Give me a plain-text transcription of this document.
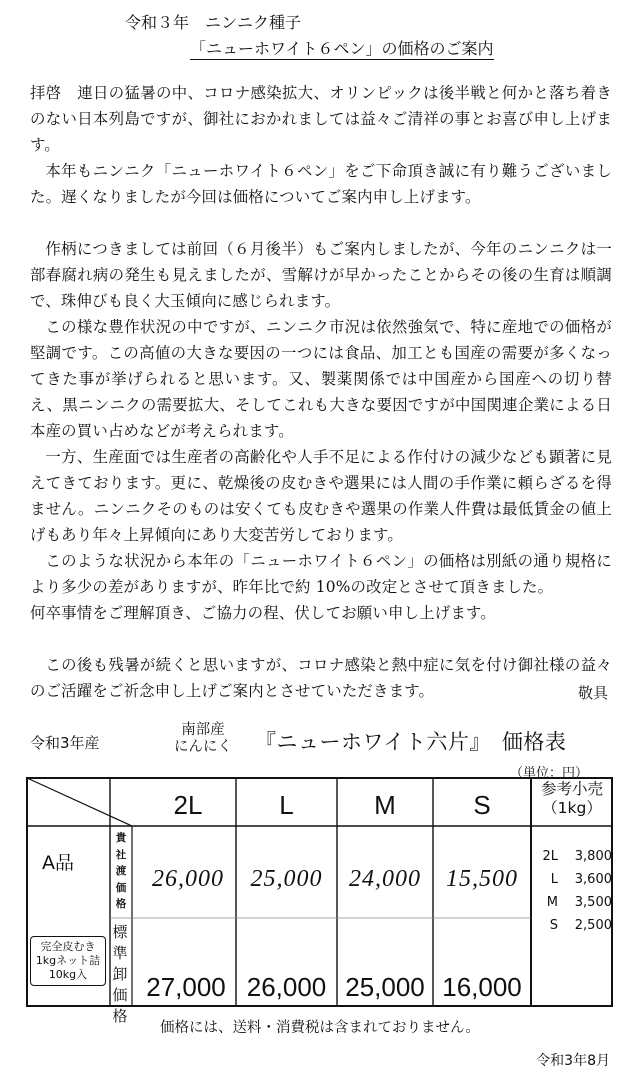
令和３年　ニンニク種子
「ニューホワイト６ペン」の価格のご案内

拝啓　連日の猛暑の中、コロナ感染拡大、オリンピックは後半戦と何かと落ち着きのない日本列島ですが、御社におかれましては益々ご清祥の事とお喜び申し上げます。

本年もニンニク「ニューホワイト６ペン」をご下命頂き誠に有り難うございました。遅くなりましたが今回は価格についてご案内申し上げます。

作柄につきましては前回（６月後半）もご案内しましたが、今年のニンニクは一部春腐れ病の発生も見えましたが、雪解けが早かったことからその後の生育は順調で、珠伸びも良く大玉傾向に感じられます。

この様な豊作状況の中ですが、ニンニク市況は依然強気で、特に産地での価格が堅調です。この高値の大きな要因の一つには食品、加工とも国産の需要が多くなってきた事が挙げられると思います。又、製薬関係では中国産から国産への切り替え、黒ニンニクの需要拡大、そしてこれも大きな要因ですが中国関連企業による日本産の買い占めなどが考えられます。

一方、生産面では生産者の高齢化や人手不足による作付けの減少なども顕著に見えてきております。更に、乾燥後の皮むきや選果には人間の手作業に頼らざるを得ません。ニンニクそのものは安くても皮むきや選果の作業人件費は最低賃金の値上げもあり年々上昇傾向にあり大変苦労しております。

このような状況から本年の「ニューホワイト６ペン」の価格は別紙の通り規格により多少の差がありますが、昨年比で約 10%の改定とさせて頂きました。

何卒事情をご理解頂き、ご協力の程、伏してお願い申し上げます。

この後も残暑が続くと思いますが、コロナ感染と熱中症に気を付け御社様の益々のご活躍をご祈念申し上げご案内とさせていただきます。	敬具
令和3年産
南部産
にんにく 『ニューホワイト六片』　価格表
（単位：円）
2L	L	M	S
参考小売
（1kg）
A品
完全皮むき
1kgネット詰
10kg入
貴社渡価格
標準卸価格
26,000	25,000	24,000	15,500
27,000 26,000 25,000 16,000
2L 3,800
L 3,600
M 3,500
S 2,500
価格には、送料・消費税は含まれておりません。
令和3年8月
